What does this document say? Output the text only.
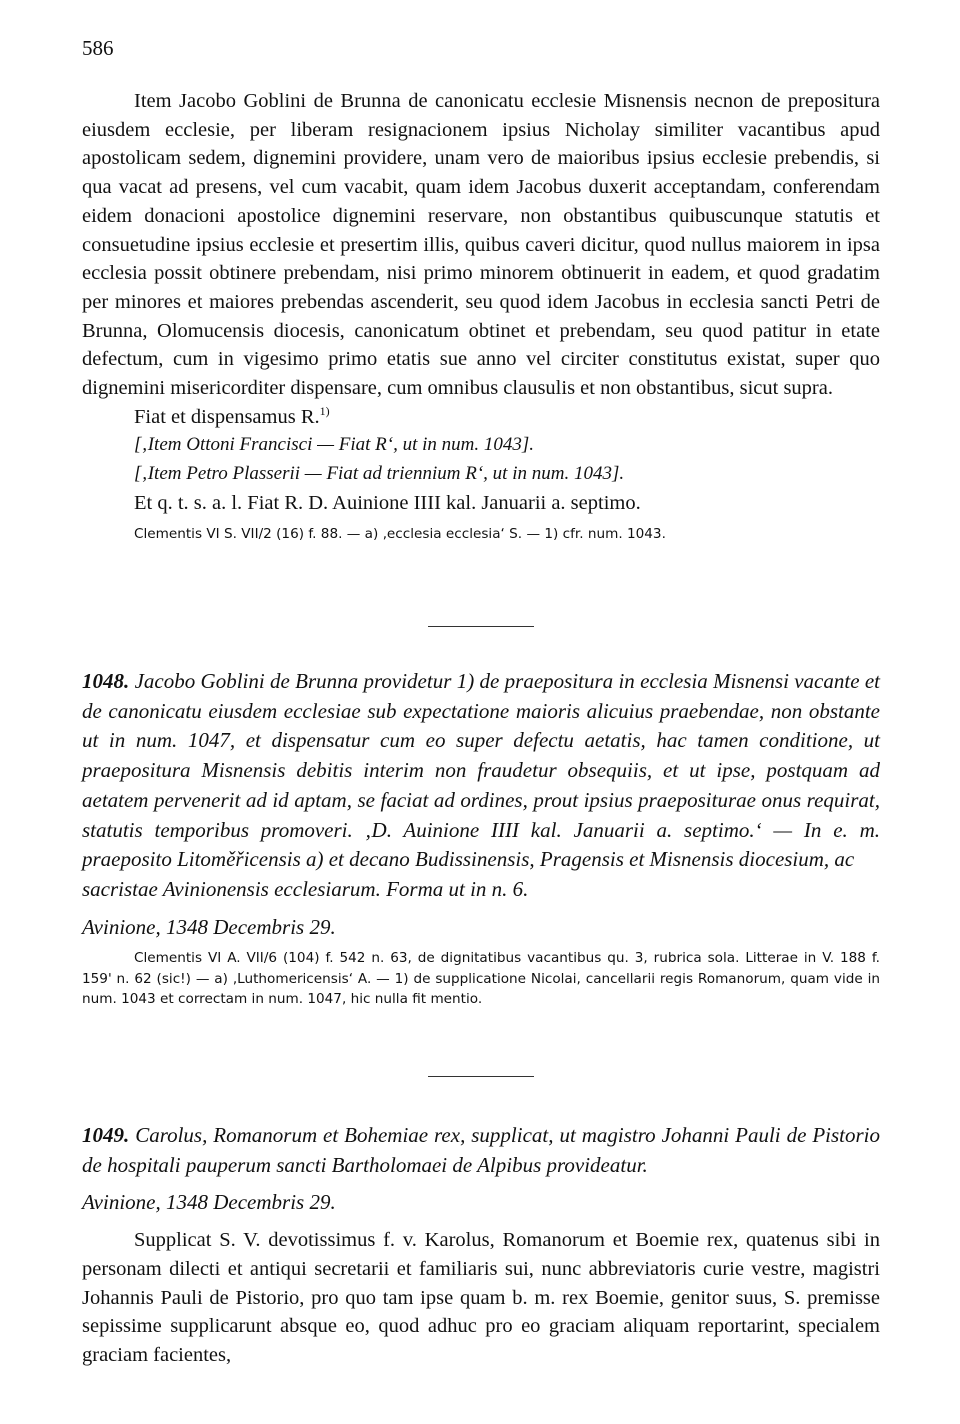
586

Item Jacobo Goblini de Brunna de canonicatu ecclesie Misnensis necnon de prepositura eiusdem ecclesie, per liberam resignacionem ipsius Nicholay similiter vacantibus apud apostolicam sedem, dignemini providere, unam vero de maioribus ipsius ecclesie prebendis, si qua vacat ad presens, vel cum vacabit, quam idem Jacobus duxerit acceptandam, conferendam eidem donacioni apostolice dignemini reservare, non obstantibus quibuscunque statutis et consuetudine ipsius ecclesie et presertim illis, quibus caveri dicitur, quod nullus maiorem in ipsa ecclesia possit obtinere prebendam, nisi primo minorem obtinuerit in eadem, et quod gradatim per minores et maiores prebendas ascenderit, seu quod idem Jacobus in ecclesia sancti Petri de Brunna, Olomucensis diocesis, canonicatum obtinet et prebendam, seu quod patitur in etate defectum, cum in vigesimo primo etatis sue anno vel circiter constitutus existat, super quo dignemini misericorditer dispensare, cum omnibus clausulis et non obstantibus, sicut supra.

Fiat et dispensamus R.$^{1)}$

[‚Item Ottoni Francisci — Fiat R‘, ut in num. 1043].

[‚Item Petro Plasserii — Fiat ad triennium R‘, ut in num. 1043].

Et q. t. s. a. l. Fiat R. D. Auinione IIII kal. Januarii a. septimo.

Clementis VI S. VII/2 (16) f. 88. — a) ‚ecclesia ecclesia‘ S. — 1) cfr. num. 1043.

1048. Jacobo Goblini de Brunna providetur 1) de praepositura in ecclesia Misnensi vacante et de canonicatu eiusdem ecclesiae sub expectatione maioris alicuius praebendae, non obstante ut in num. 1047, et dispensatur cum eo super defectu aetatis, hac tamen conditione, ut praepositura Misnensis debitis interim non fraudetur obsequiis, et ut ipse, postquam ad aetatem pervenerit ad id aptam, se faciat ad ordines, prout ipsius praepositurae onus requirat, statutis temporibus promoveri. ‚D. Auinione IIII kal. Januarii a. septimo.‘ — In e. m. praeposito Litoměřicensis a) et decano Budissinensis, Pragensis et Misnensis diocesium, ac

sacristae Avinionensis ecclesiarum. Forma ut in n. 6.

Avinione, 1348 Decembris 29.

Clementis VI A. VII/6 (104) f. 542 n. 63, de dignitatibus vacantibus qu. 3, rubrica sola. Litterae in V. 188 f. 159' n. 62 (sic!) — a) ‚Luthomericensis‘ A. — 1) de supplicatione Nicolai, cancellarii regis Romanorum, quam vide in num. 1043 et correctam in num. 1047, hic nulla fit mentio.

1049. Carolus, Romanorum et Bohemiae rex, supplicat, ut magistro Johanni Pauli de Pistorio de hospitali pauperum sancti Bartholomaei de Alpibus provideatur.

Avinione, 1348 Decembris 29.

Supplicat S. V. devotissimus f. v. Karolus, Romanorum et Boemie rex, quatenus sibi in personam dilecti et antiqui secretarii et familiaris sui, nunc abbreviatoris curie vestre, magistri Johannis Pauli de Pistorio, pro quo tam ipse quam b. m. rex Boemie, genitor suus, S. premisse sepissime supplicarunt absque eo, quod adhuc pro eo graciam aliquam reportarint, specialem graciam facientes,
